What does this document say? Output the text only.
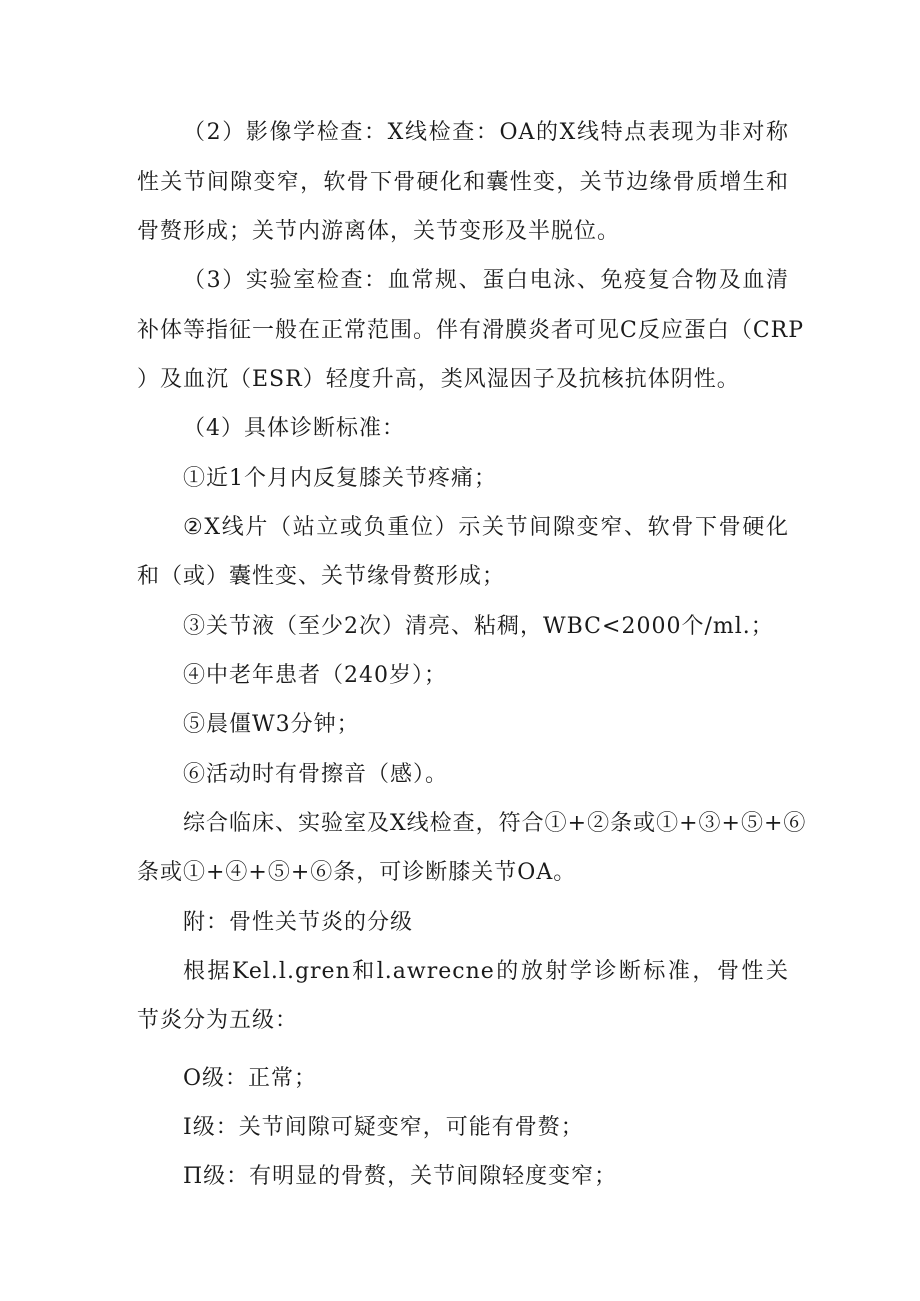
（2）影像学检查：X线检查：OA的X线特点表现为非对称
性关节间隙变窄，软骨下骨硬化和囊性变，关节边缘骨质增生和
骨赘形成；关节内游离体，关节变形及半脱位。
（3）实验室检查：血常规、蛋白电泳、免疫复合物及血清
补体等指征一般在正常范围。伴有滑膜炎者可见C反应蛋白（CRP
）及血沉（ESR）轻度升高，类风湿因子及抗核抗体阴性。
（4）具体诊断标准：
①近1个月内反复膝关节疼痛；
②X线片（站立或负重位）示关节间隙变窄、软骨下骨硬化
和（或）囊性变、关节缘骨赘形成；
③关节液（至少2次）清亮、粘稠，WBC<2000个/ml.；
④中老年患者（240岁）；
⑤晨僵W3分钟；
⑥活动时有骨擦音（感）。
综合临床、实验室及X线检查，符合①+②条或①+③+⑤+⑥
条或①+④+⑤+⑥条，可诊断膝关节OA。
附：骨性关节炎的分级
根据Kel.l.gren和l.awrecne的放射学诊断标准，骨性关
节炎分为五级：
O级：正常；
Ⅰ级：关节间隙可疑变窄，可能有骨赘；
Π级：有明显的骨赘，关节间隙轻度变窄；
